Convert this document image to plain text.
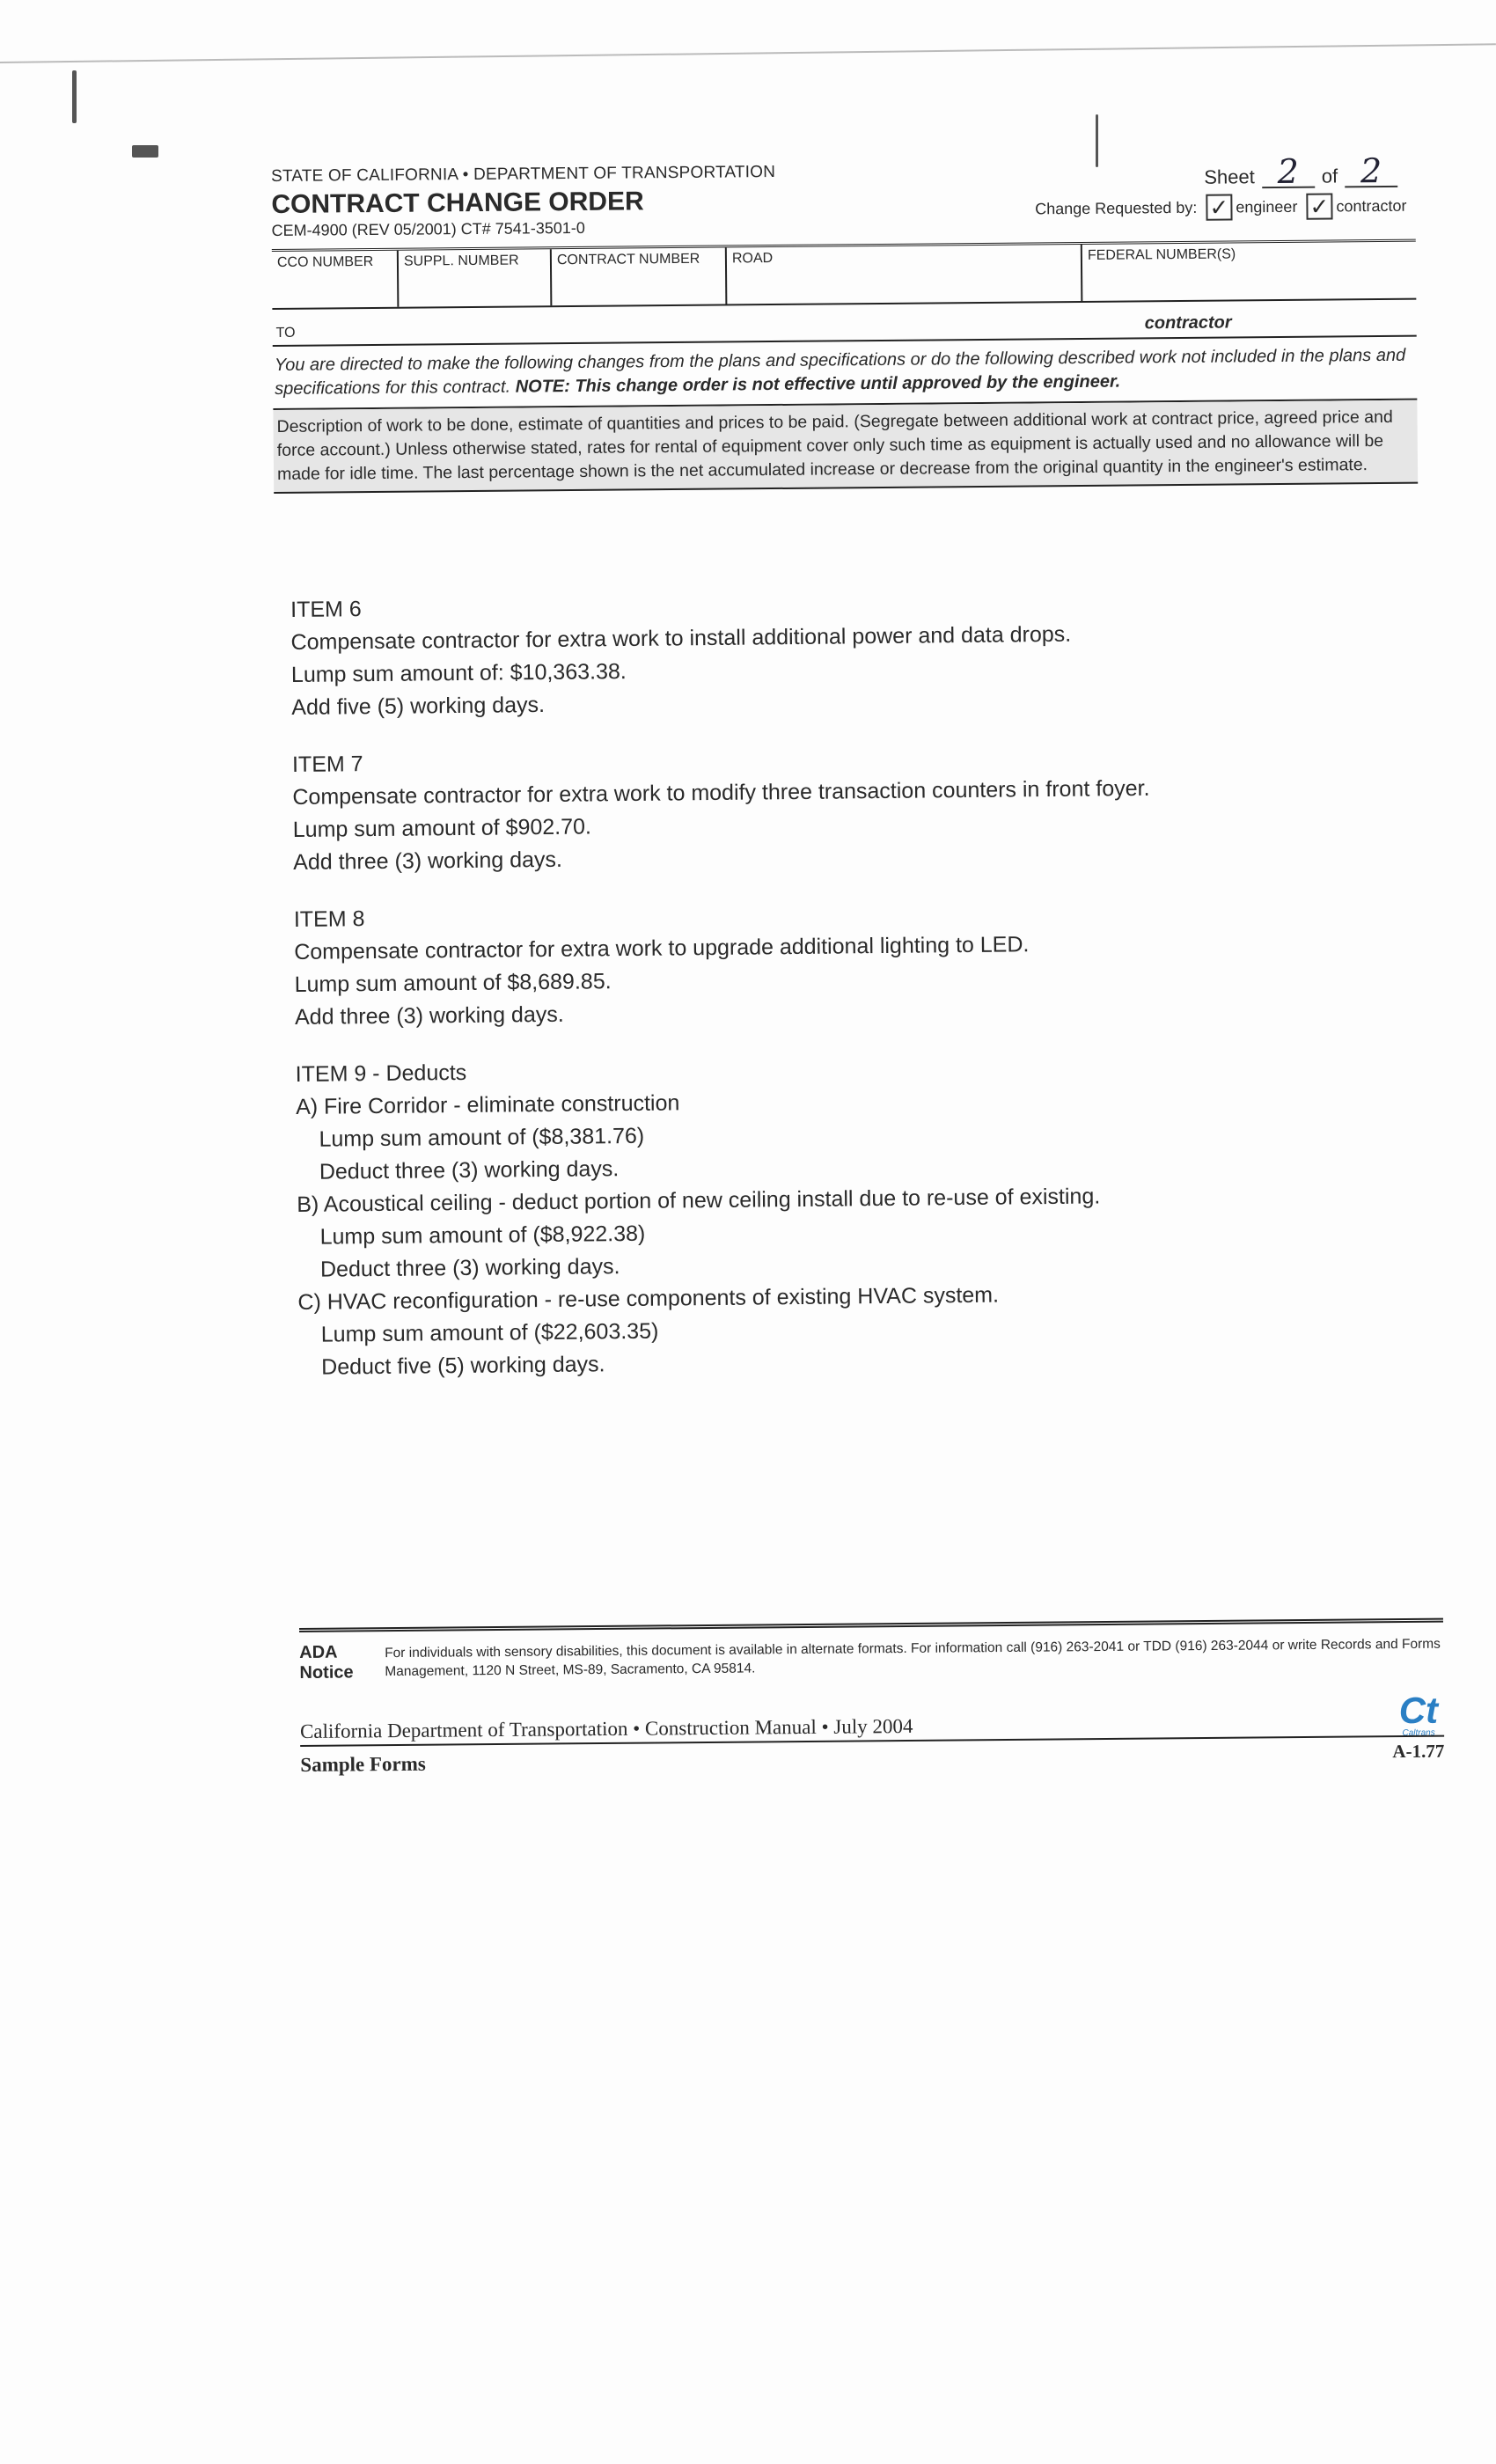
STATE OF CALIFORNIA • DEPARTMENT OF TRANSPORTATION
CONTRACT CHANGE ORDER
CEM-4900 (REV 05/2001) CT# 7541-3501-0
Sheet 2	of 2
Change Requested by: ✓ engineer ✓ contractor
CCO NUMBER	SUPPL. NUMBER	CONTRACT NUMBER	ROAD	FEDERAL NUMBER(S)
TO
contractor
You are directed to make the following changes from the plans and specifications or do the following described work not included in the plans and specifications for this contract. NOTE: This change order is not effective until approved by the engineer.
Description of work to be done, estimate of quantities and prices to be paid. (Segregate between additional work at contract price, agreed price and force account.) Unless otherwise stated, rates for rental of equipment cover only such time as equipment is actually used and no allowance will be made for idle time. The last percentage shown is the net accumulated increase or decrease from the original quantity in the engineer's estimate.
ITEM 6
Compensate contractor for extra work to install additional power and data drops.
Lump sum amount of: $10,363.38.
Add five (5) working days.
ITEM 7
Compensate contractor for extra work to modify three transaction counters in front foyer.
Lump sum amount of $902.70.
Add three (3) working days.
ITEM 8
Compensate contractor for extra work to upgrade additional lighting to LED.
Lump sum amount of $8,689.85.
Add three (3) working days.
ITEM 9 - Deducts
A) Fire Corridor - eliminate construction
Lump sum amount of ($8,381.76)
Deduct three (3) working days.
B) Acoustical ceiling - deduct portion of new ceiling install due to re-use of existing.
Lump sum amount of ($8,922.38)
Deduct three (3) working days.
C) HVAC reconfiguration - re-use components of existing HVAC system.
Lump sum amount of ($22,603.35)
Deduct five (5) working days.
ADA Notice
For individuals with sensory disabilities, this document is available in alternate formats. For information call (916) 263-2041 or TDD (916) 263-2044 or write Records and Forms Management, 1120 N Street, MS-89, Sacramento, CA 95814.
Ct
Caltrans
California Department of Transportation • Construction Manual • July 2004
A-1.77
Sample Forms
